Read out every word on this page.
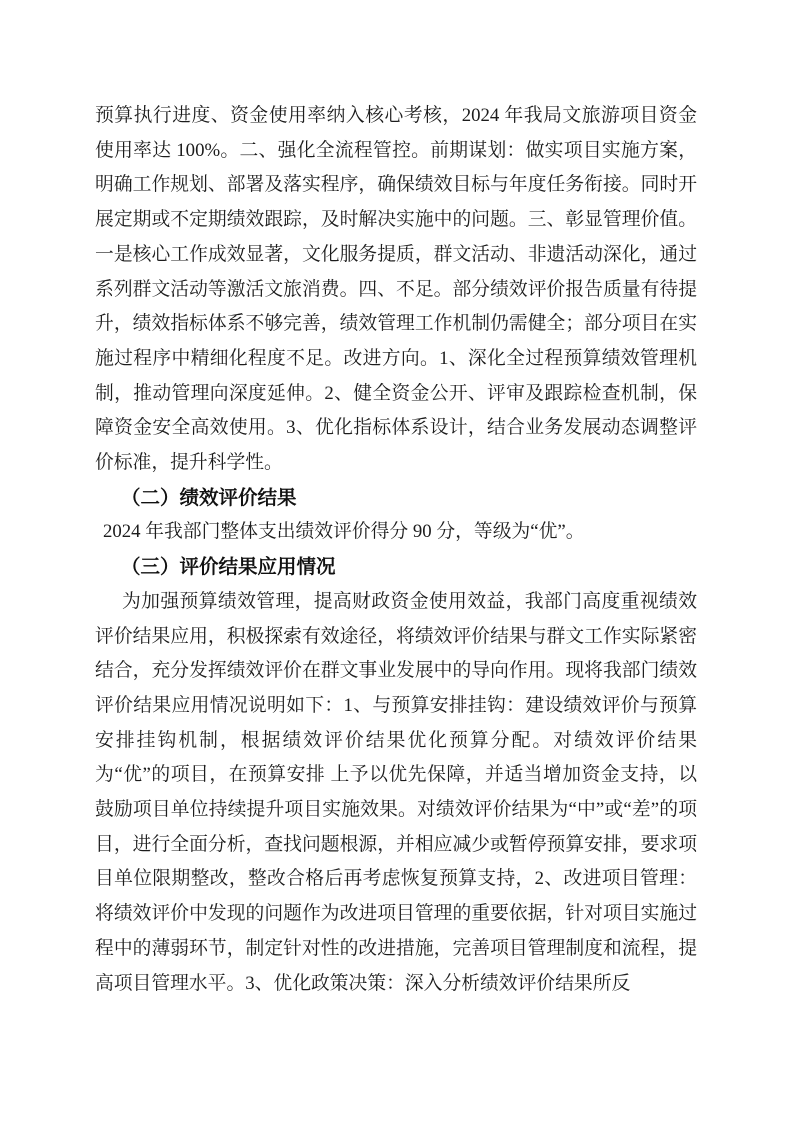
预算执行进度、资金使用率纳入核心考核，2024 年我局文旅游项目资金使用率达 100%。二、强化全流程管控。前期谋划：做实项目实施方案，明确工作规划、部署及落实程序，确保绩效目标与年度任务衔接。同时开展定期或不定期绩效跟踪，及时解决实施中的问题。三、彰显管理价值。一是核心工作成效显著，文化服务提质，群文活动、非遗活动深化，通过系列群文活动等激活文旅消费。四、不足。部分绩效评价报告质量有待提升，绩效指标体系不够完善，绩效管理工作机制仍需健全；部分项目在实施过程序中精细化程度不足。改进方向。1、深化全过程预算绩效管理机制，推动管理向深度延伸。2、健全资金公开、评审及跟踪检查机制，保障资金安全高效使用。3、优化指标体系设计，结合业务发展动态调整评价标准，提升科学性。

（二）绩效评价结果

2024 年我部门整体支出绩效评价得分 90 分，等级为“优”。

（三）评价结果应用情况

为加强预算绩效管理，提高财政资金使用效益，我部门高度重视绩效评价结果应用，积极探索有效途径，将绩效评价结果与群文工作实际紧密结合，充分发挥绩效评价在群文事业发展中的导向作用。现将我部门绩效评价结果应用情况说明如下：1、与预算安排挂钩：建设绩效评价与预算安排挂钩机制，根据绩效评价结果优化预算分配。对绩效评价结果为“优”的项目，在预算安排 上予以优先保障，并适当增加资金支持，以鼓励项目单位持续提升项目实施效果。对绩效评价结果为“中”或“差”的项目，进行全面分析，查找问题根源，并相应减少或暂停预算安排，要求项目单位限期整改，整改合格后再考虑恢复预算支持，2、改进项目管理：将绩效评价中发现的问题作为改进项目管理的重要依据，针对项目实施过程中的薄弱环节，制定针对性的改进措施，完善项目管理制度和流程，提高项目管理水平。3、优化政策决策：深入分析绩效评价结果所反
